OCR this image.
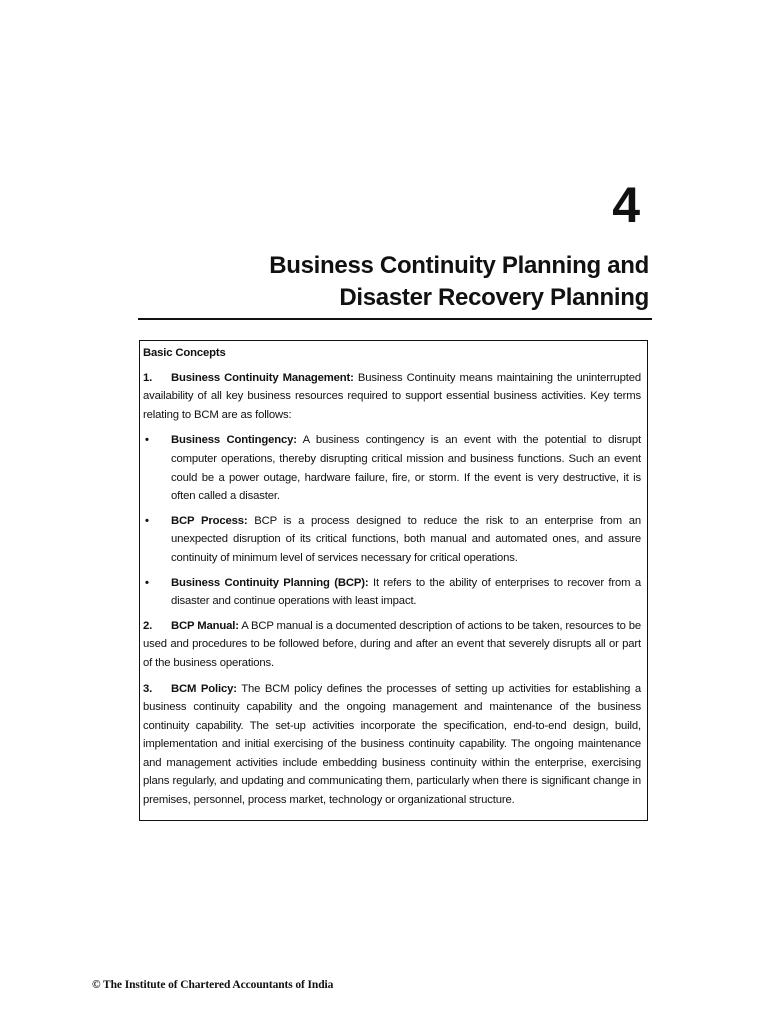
4
Business Continuity Planning and
Disaster Recovery Planning
Basic Concepts

1. Business Continuity Management: Business Continuity means maintaining the uninterrupted availability of all key business resources required to support essential business activities. Key terms relating to BCM are as follows:

• Business Contingency: A business contingency is an event with the potential to disrupt computer operations, thereby disrupting critical mission and business functions. Such an event could be a power outage, hardware failure, fire, or storm. If the event is very destructive, it is often called a disaster.
• BCP Process: BCP is a process designed to reduce the risk to an enterprise from an unexpected disruption of its critical functions, both manual and automated ones, and assure continuity of minimum level of services necessary for critical operations.
• Business Continuity Planning (BCP): It refers to the ability of enterprises to recover from a disaster and continue operations with least impact.

2. BCP Manual: A BCP manual is a documented description of actions to be taken, resources to be used and procedures to be followed before, during and after an event that severely disrupts all or part of the business operations.

3. BCM Policy: The BCM policy defines the processes of setting up activities for establishing a business continuity capability and the ongoing management and maintenance of the business continuity capability. The set-up activities incorporate the specification, end-to-end design, build, implementation and initial exercising of the business continuity capability. The ongoing maintenance and management activities include embedding business continuity within the enterprise, exercising plans regularly, and updating and communicating them, particularly when there is significant change in premises, personnel, process market, technology or organizational structure.

© The Institute of Chartered Accountants of India
